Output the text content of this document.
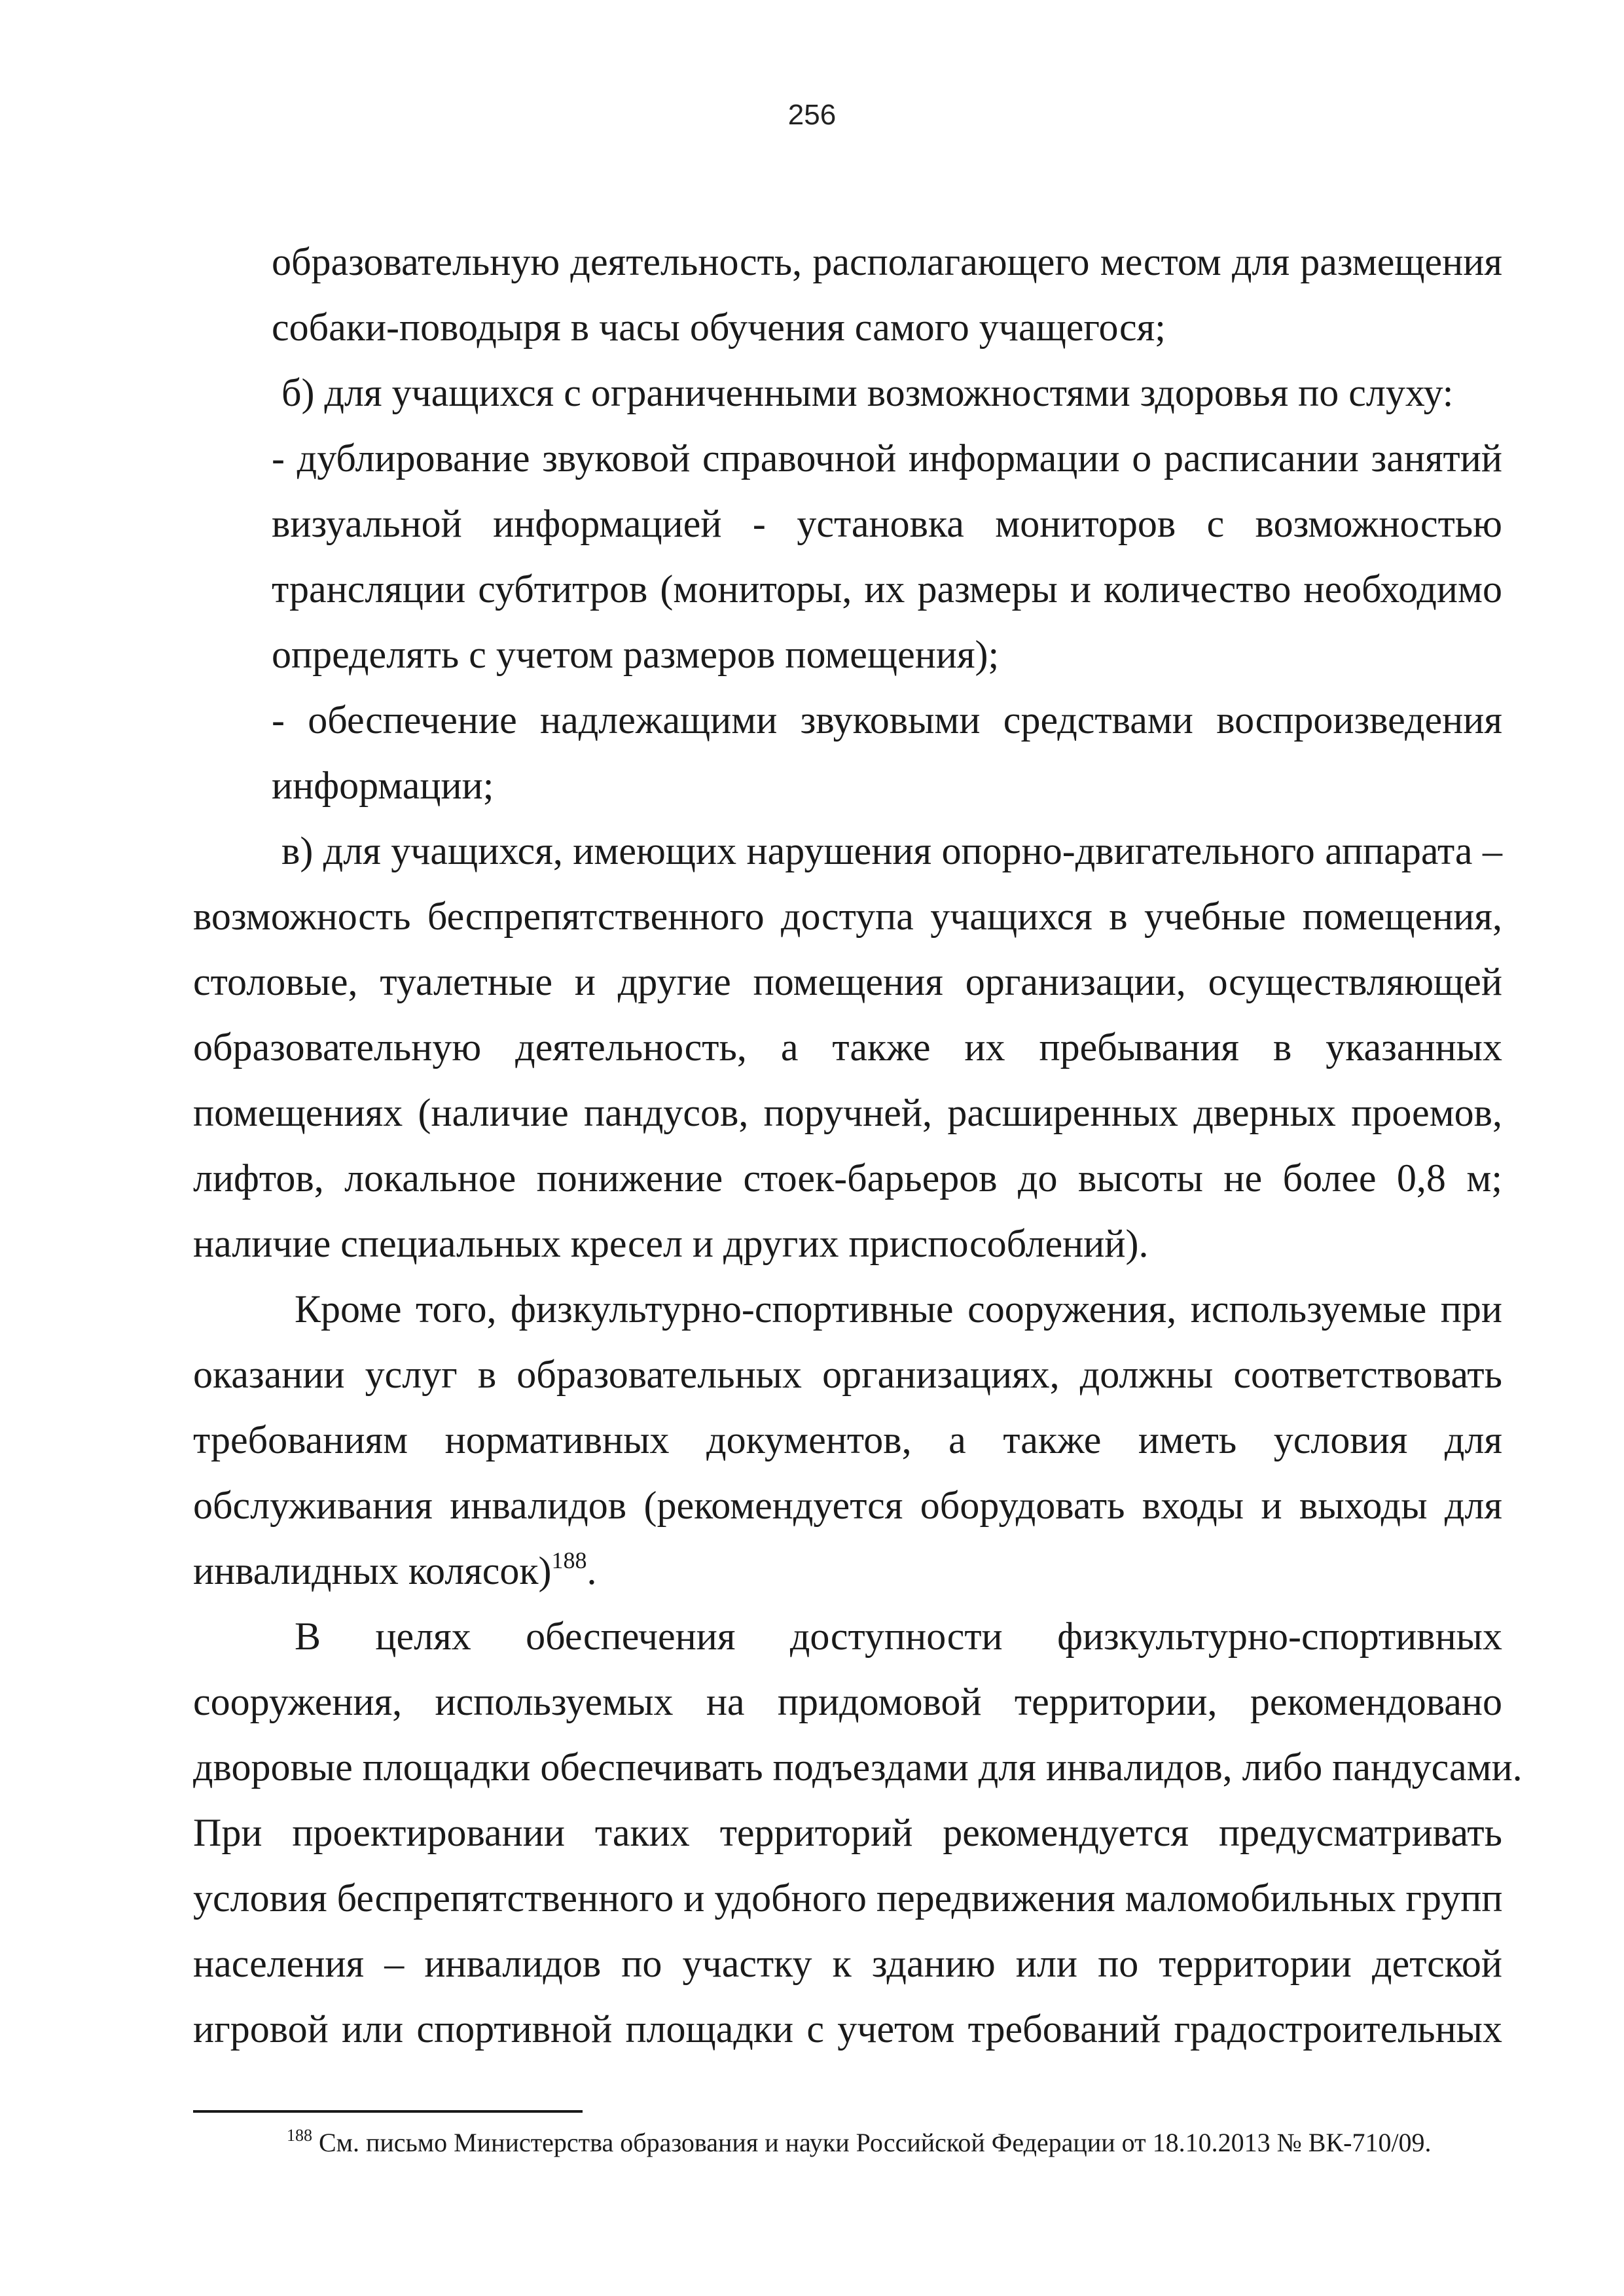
256
образовательную деятельность, располагающего местом для размещения
собаки-поводыря в часы обучения самого учащегося;
б) для учащихся с ограниченными возможностями здоровья по слуху:
- дублирование звуковой справочной информации о расписании занятий
визуальной информацией - установка мониторов с возможностью
трансляции субтитров (мониторы, их размеры и количество необходимо
определять с учетом размеров помещения);
- обеспечение надлежащими звуковыми средствами воспроизведения
информации;
в) для учащихся, имеющих нарушения опорно-двигательного аппарата –
возможность беспрепятственного доступа учащихся в учебные помещения,
столовые, туалетные и другие помещения организации, осуществляющей
образовательную деятельность, а также их пребывания в указанных
помещениях (наличие пандусов, поручней, расширенных дверных проемов,
лифтов, локальное понижение стоек-барьеров до высоты не более 0,8 м;
наличие специальных кресел и других приспособлений).
Кроме того, физкультурно-спортивные сооружения, используемые при
оказании услуг в образовательных организациях, должны соответствовать
требованиям нормативных документов, а также иметь условия для
обслуживания инвалидов (рекомендуется оборудовать входы и выходы для
инвалидных колясок)$^{188}$.
В целях обеспечения доступности физкультурно-спортивных
сооружения, используемых на придомовой территории, рекомендовано
дворовые площадки обеспечивать подъездами для инвалидов, либо пандусами.
При проектировании таких территорий рекомендуется предусматривать
условия беспрепятственного и удобного передвижения маломобильных групп
населения – инвалидов по участку к зданию или по территории детской
игровой или спортивной площадки с учетом требований градостроительных
$^{188}$ См. письмо Министерства образования и науки Российской Федерации от 18.10.2013 № ВК-710/09.
